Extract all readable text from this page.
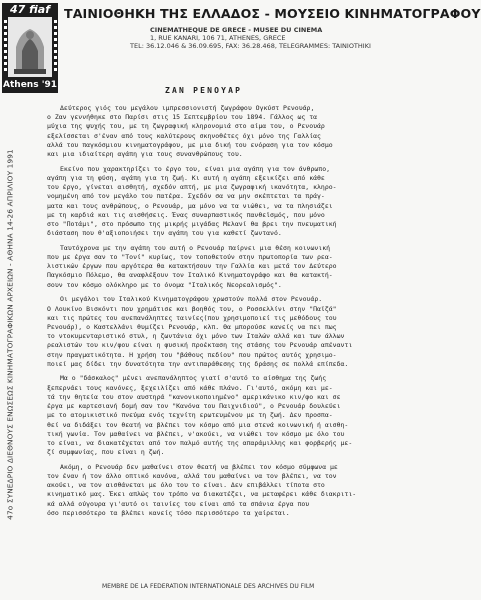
47 fiaf
Athens '91
ΤΑΙΝΙΟΘΗΚΗ ΤΗΣ ΕΛΛΑΔΟΣ - ΜΟΥΣΕΙΟ ΚΙΝΗΜΑΤΟΓΡΑΦΟΥ
CINEMATHEQUE DE GRECE - MUSEE DU CINEMA
1, RUE KANARI, 106 71, ATHENES, GRECE
TEL: 36.12.046 & 36.09.695, FAX: 36.28.468, TELEGRAMMES: TAINIOTHIKI
47ο ΣΥΝΕΔΡΙΟ ΔΙΕΘΝΟΥΣ ΕΝΩΣΕΩΣ ΚΙΝΗΜΑΤΟΓΡΑΦΙΚΩΝ ΑΡΧΕΙΩΝ - ΑΘΗΝΑ 14-26 ΑΠΡΙΛΙΟΥ 1991
ΖΑΝ ΡΕΝΟΥΑΡ
Δεύτερος γιός του μεγάλου ιμπρεσσιονιστή ζωγράφου Ογκύστ Ρενουάρ,
ο Ζαν γεννήθηκε στο Παρίσι στις 15 Σεπτεμβρίου του 1894. Γάλλος ως τα
μύχια της ψυχής του, με τη ζωγραφική κληρονομιά στο αίμα του, ο Ρενουάρ
εξελίσσεται σ'έναν από τους καλύτερους σκηνοθέτες όχι μόνο της Γαλλίας
αλλά του παγκόσμιου κινηματογράφου, με μια δική του ενόραση για τον κόσμο
και μια ιδιαίτερη αγάπη για τους συνανθρώπους του.
Εκείνο που χαρακτηρίζει το έργο του, είναι μια αγάπη για τον άνθρωπο,
αγάπη για τη φύση, αγάπη για τη ζωή. Κι αυτή η αγάπη εξεικίζει από κάθε
του έργο, γίνεται αισθητή, σχεδόν απτή, με μια ζωγραφική ικανότητα, κληρο-
νομημένη από τον μεγάλο του πατέρα. Σχεδόν σα να μην σκέπτεται τα πράγ-
ματα και τους ανθρώπους, ο Ρενουάρ, μα μόνο να τα νιώθει, να τα πλησιάζει
με τη καρδιά και τις αισθήσεις. Ένας συναρπαστικός πανθεϊσμός, που μόνο
στο "Ποτάμι", στο πρόσωπο της μικρής μιγάδας Μελανί θα βρει την πνευματική
διάσταση που θ'αξιοποιήσει την αγάπη του για καθετί ζωντανό.
Ταυτόχρονα με την αγάπη του αυτή ο Ρενουάρ παίρνει μια θέση κοινωνική
που με έργα σαν το "Τονί" κυρίως, τον τοποθετούν στην πρωτοπορία των ρεα-
λιστικών έργων που αργότερα θα κατακτήσουν την Γαλλία και μετά τον Δεύτερο
Παγκόσμιο Πόλεμο, θα αναφλέξουν τον Ιταλικό Κινηματογράφο και θα κατακτή-
σουν τον κόσμο ολόκληρο με το όνομα "Ιταλικός Νεορεαλισμός".
Οι μεγάλοι του Ιταλικού Κινηματογράφου χρωστούν πολλά στον Ρενουάρ.
Ο Λουκίνο Βισκόντι που χρημάτισε και βοηθός του, ο Ροσσελλίνι στην "Παϊζά"
και τις πρώτες του ανεπανάληπτες ταινίες(που χρησιμοποιεί τις μεθόδους του
Ρενουάρ), ο Καστελλάνι θυμίζει Ρενουάρ, κλπ. Θα μπορούσε κανείς να πει πως
το ντοκυμενταριστικό στυλ, η ζωντάνια όχι μόνο των Ιταλών αλλά και των άλλων
ρεαλιστών του κιν/φου είναι η φυσική προέκταση της στάσης του Ρενουάρ απέναντι
στην πραγματικότητα. Η χρήση του "βάθους πεδίου" που πρώτος αυτός χρησιμο-
ποιεί μας δίδει την δυνατότητα την αντιπαράθεσης της δράσης σε πολλά επίπεδα.
Μα ο "δάσκαλος" μένει ανεπανάληπτος γιατί σ'αυτό το αίσθημα της ζωής
ξεπερνάει τους κανόνες, ξεχειλίζει από κάθε πλάνο. Γι'αυτό, ακόμη και με-
τά την θητεία του στον αυστηρά "κανονικοποιημένο" αμερικάνικο κιν/φο και σε
έργα με καρτεσιανή δομή σαν τον "Κανόνα του Παιχνιδιού", ο Ρενουάρ δουλεύει
με το ατομικιστικό πνεύμα ενός τεχνίτη ερωτευμένου με τη ζωή. Δεν προσπα-
θεί να διδάξει τον θεατή να βλέπει τον κόσμο από μια στενά κοινωνική ή αισθη-
τική γωνία. Τον μαθαίνει να βλέπει, ν'ακούει, να νιώθει τον κόσμο με όλο του
το είναι, να διακατέχεται από τον παλμό αυτής της απαράμιλλης και φορβερής με-
ζί συμφωνίας, που είναι η ζωή.
Ακόμη, ο Ρενουάρ δεν μαθαίνει στον θεατή να βλέπει τον κόσμο σύμφωνα με
τον έναν ή τον άλλο οπτικό κανόνα, αλλά του μαθαίνει να τον βλέπει, να τον
ακούει, να τον αισθάνεται με όλο του το είναι. Δεν επιβάλλει τίποτα στο
κινηματικό μας. Έκει απλώς τον τρόπο να διακατέζει, να μεταφέρει κάθε διακριτι-
κά αλλά ούγουρα γι'αυτό οι ταινίες του είναι από τα σπάνια έργα που
όσο περισσότερο τα βλέπει κανείς τόσο περισσότερο τα χαίρεται.
MEMBRE DE LA FEDERATION INTERNATIONALE DES ARCHIVES DU FILM
